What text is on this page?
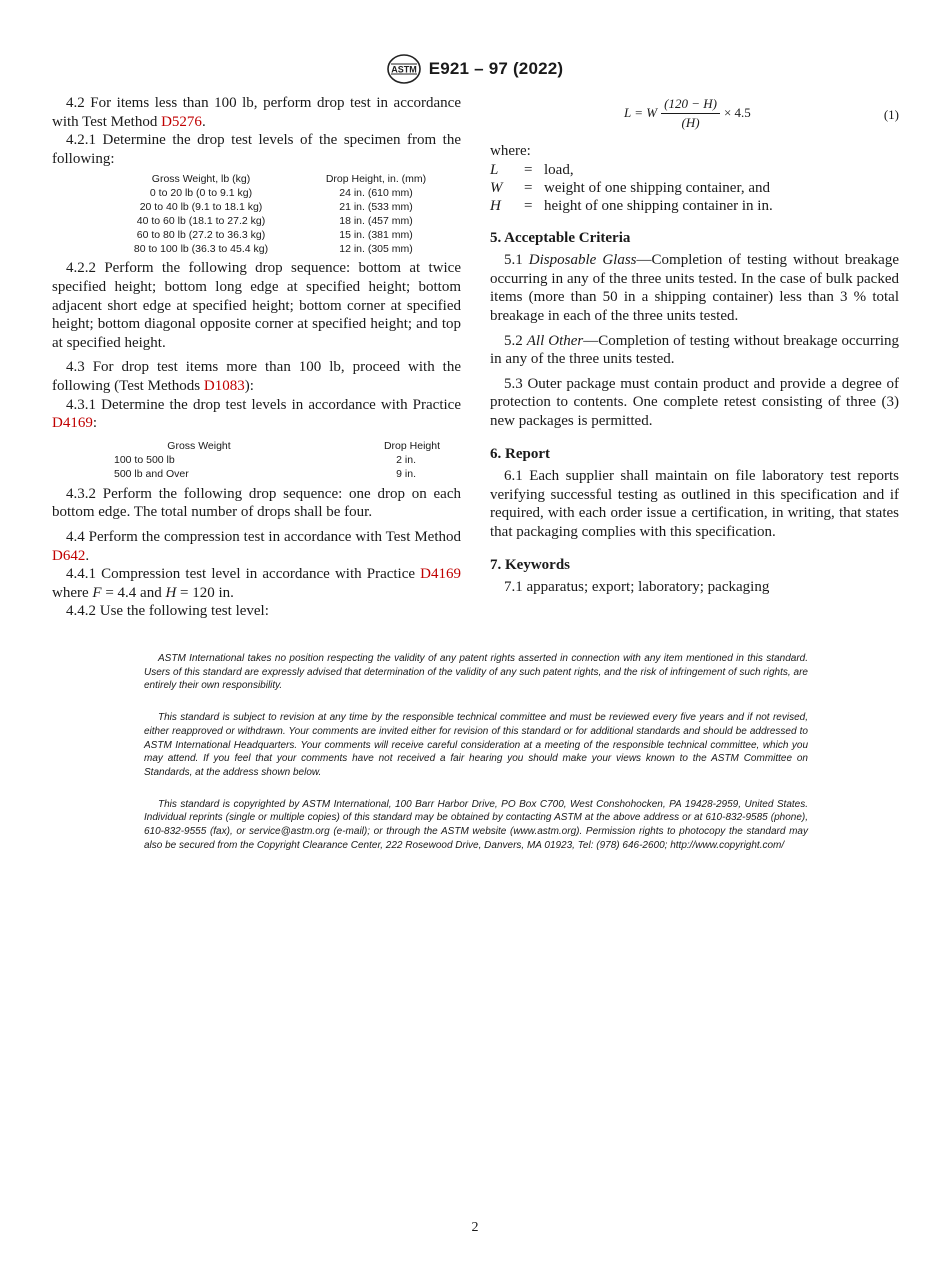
ASTM E921 – 97 (2022)

4.2 For items less than 100 lb, perform drop test in accordance with Test Method D5276.

4.2.1 Determine the drop test levels of the specimen from the following:

Gross Weight, lb (kg)	Drop Height, in. (mm)
0 to 20 lb (0 to 9.1 kg)	24 in. (610 mm)
20 to 40 lb (9.1 to 18.1 kg)	21 in. (533 mm)
40 to 60 lb (18.1 to 27.2 kg)	18 in. (457 mm)
60 to 80 lb (27.2 to 36.3 kg)	15 in. (381 mm)
80 to 100 lb (36.3 to 45.4 kg)	12 in. (305 mm)

4.2.2 Perform the following drop sequence: bottom at twice specified height; bottom long edge at specified height; bottom adjacent short edge at specified height; bottom corner at specified height; bottom diagonal opposite corner at specified height; and top at specified height.

4.3 For drop test items more than 100 lb, proceed with the following (Test Methods D1083):

4.3.1 Determine the drop test levels in accordance with Practice D4169:

Gross Weight	Drop Height
100 to 500 lb	2 in.
500 lb and Over	9 in.

4.3.2 Perform the following drop sequence: one drop on each bottom edge. The total number of drops shall be four.

4.4 Perform the compression test in accordance with Test Method D642.

4.4.1 Compression test level in accordance with Practice D4169 where F = 4.4 and H = 120 in.

4.4.2 Use the following test level:

L = W $\frac{(120 - H)}{(H)} \times 4.5$	(1)
where:
L	= load,
W	= weight of one shipping container, and
H	= height of one shipping container in in.
5. Acceptable Criteria

5.1 Disposable Glass—Completion of testing without breakage occurring in any of the three units tested. In the case of bulk packed items (more than 50 in a shipping container) less than 3 % total breakage in each of the three units tested.

5.2 All Other—Completion of testing without breakage occurring in any of the three units tested.

5.3 Outer package must contain product and provide a degree of protection to contents. One complete retest consisting of three (3) new packages is permitted.

6. Report

6.1 Each supplier shall maintain on file laboratory test reports verifying successful testing as outlined in this specification and if required, with each order issue a certification, in writing, that states that packaging complies with this specification.

7. Keywords

7.1 apparatus; export; laboratory; packaging

ASTM International takes no position respecting the validity of any patent rights asserted in connection with any item mentioned in this standard. Users of this standard are expressly advised that determination of the validity of any such patent rights, and the risk of infringement of such rights, are entirely their own responsibility.

This standard is subject to revision at any time by the responsible technical committee and must be reviewed every five years and if not revised, either reapproved or withdrawn. Your comments are invited either for revision of this standard or for additional standards and should be addressed to ASTM International Headquarters. Your comments will receive careful consideration at a meeting of the responsible technical committee, which you may attend. If you feel that your comments have not received a fair hearing you should make your views known to the ASTM Committee on Standards, at the address shown below.

This standard is copyrighted by ASTM International, 100 Barr Harbor Drive, PO Box C700, West Conshohocken, PA 19428-2959, United States. Individual reprints (single or multiple copies) of this standard may be obtained by contacting ASTM at the above address or at 610-832-9585 (phone), 610-832-9555 (fax), or service@astm.org (e-mail); or through the ASTM website (www.astm.org). Permission rights to photocopy the standard may also be secured from the Copyright Clearance Center, 222 Rosewood Drive, Danvers, MA 01923, Tel: (978) 646-2600; http://www.copyright.com/

2
